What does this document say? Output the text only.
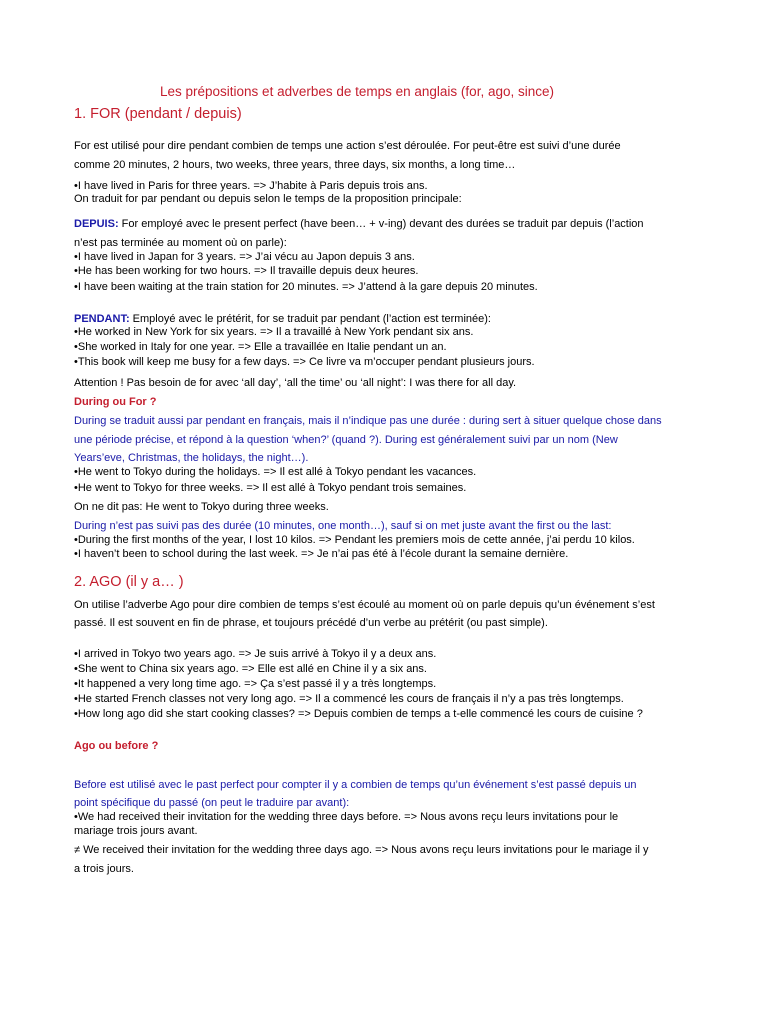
Les prépositions et adverbes de temps en anglais (for, ago, since)
1. FOR (pendant / depuis)
For est utilisé pour dire pendant combien de temps une action s’est déroulée. For peut-être est suivi d’une durée
comme 20 minutes, 2 hours, two weeks, three years, three days, six months, a long time…
•I have lived in Paris for three years. => J’habite à Paris depuis trois ans.
On traduit for par pendant ou depuis selon le temps de la proposition principale:
DEPUIS: For employé avec le present perfect (have been… + v-ing) devant des durées se traduit par depuis (l’action
n’est pas terminée au moment où on parle):
•I have lived in Japan for 3 years. => J’ai vécu au Japon depuis 3 ans.
•He has been working for two hours. => Il travaille depuis deux heures.
•I have been waiting at the train station for 20 minutes. => J’attend à la gare depuis 20 minutes.
PENDANT: Employé avec le prétérit, for se traduit par pendant (l’action est terminée):
•He worked in New York for six years. => Il a travaillé à New York pendant six ans.
•She worked in Italy for one year. => Elle a travaillée en Italie pendant un an.
•This book will keep me busy for a few days. => Ce livre va m’occuper pendant plusieurs jours.
Attention ! Pas besoin de for avec ‘all day’, ‘all the time’ ou ‘all night’: I was there for all day.
During ou For ?
During se traduit aussi par pendant en français, mais il n’indique pas une durée : during sert à situer quelque chose dans
une période précise, et répond à la question ‘when?’ (quand ?). During est généralement suivi par un nom (New
Years’eve, Christmas, the holidays, the night…).
•He went to Tokyo during the holidays. => Il est allé à Tokyo pendant les vacances.
•He went to Tokyo for three weeks. => Il est allé à Tokyo pendant trois semaines.
On ne dit pas: He went to Tokyo during three weeks.
During n’est pas suivi pas des durée (10 minutes, one month…), sauf si on met juste avant the first ou the last:
•During the first months of the year, I lost 10 kilos. => Pendant les premiers mois de cette année, j’ai perdu 10 kilos.
•I haven’t been to school during the last week. => Je n’ai pas été à l’école durant la semaine dernière.
2. AGO (il y a… )
On utilise l’adverbe Ago pour dire combien de temps s’est écoulé au moment où on parle depuis qu’un événement s’est
passé. Il est souvent en fin de phrase, et toujours précédé d’un verbe au prétérit (ou past simple).
•I arrived in Tokyo two years ago. => Je suis arrivé à Tokyo il y a deux ans.
•She went to China six years ago. => Elle est allé en Chine il y a six ans.
•It happened a very long time ago. => Ça s’est passé il y a très longtemps.
•He started French classes not very long ago. => Il a commencé les cours de français il n’y a pas très longtemps.
•How long ago did she start cooking classes? => Depuis combien de temps a t-elle commencé les cours de cuisine ?
Ago ou before ?
Before est utilisé avec le past perfect pour compter il y a combien de temps qu’un événement s’est passé depuis un
point spécifique du passé (on peut le traduire par avant):
•We had received their invitation for the wedding three days before. => Nous avons reçu leurs invitations pour le
mariage trois jours avant.
≠ We received their invitation for the wedding three days ago. => Nous avons reçu leurs invitations pour le mariage il y
a trois jours.
